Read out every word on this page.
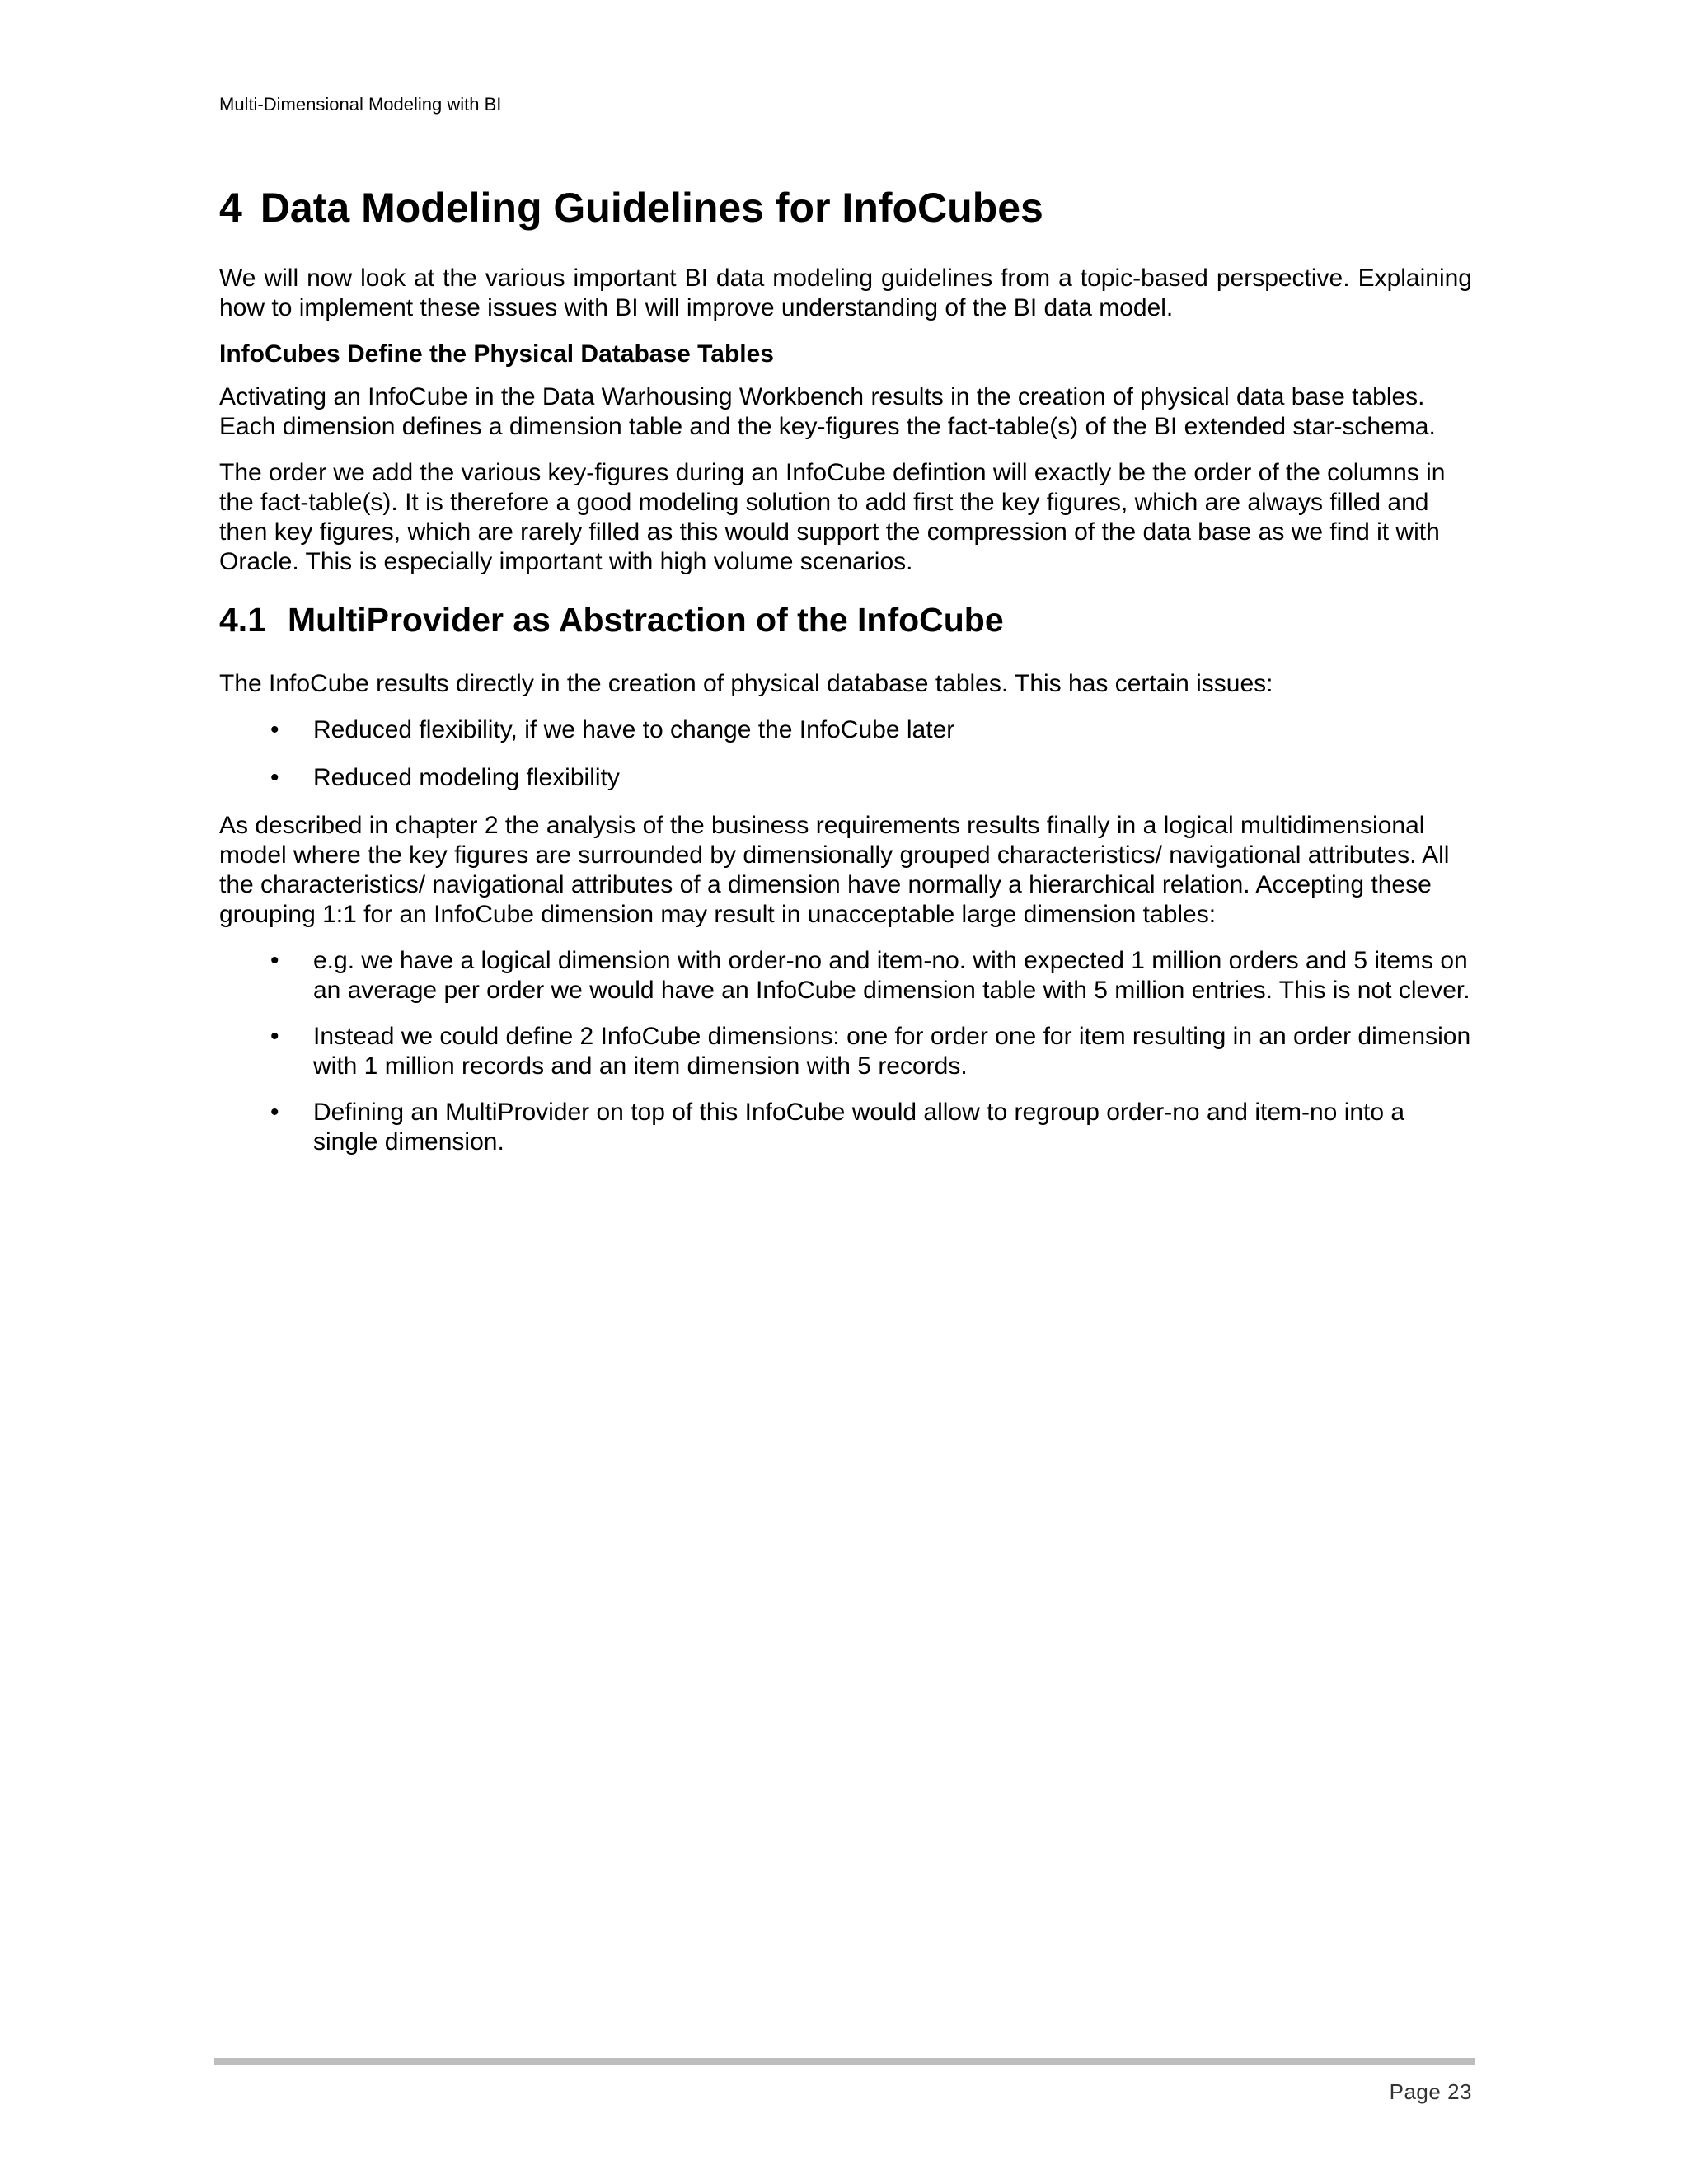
Multi-Dimensional Modeling with BI
4 Data Modeling Guidelines for InfoCubes

We will now look at the various important BI data modeling guidelines from a topic-based perspective. Explaining how to implement these issues with BI will improve understanding of the BI data model.

InfoCubes Define the Physical Database Tables

Activating an InfoCube in the Data Warhousing Workbench results in the creation of physical data base tables. Each dimension defines a dimension table and the key-figures the fact-table(s) of the BI extended star-schema.

The order we add the various key-figures during an InfoCube defintion will exactly be the order of the columns in the fact-table(s). It is therefore a good modeling solution to add first the key figures, which are always filled and then key figures, which are rarely filled as this would support the compression of the data base as we find it with Oracle. This is especially important with high volume scenarios.

4.1 MultiProvider as Abstraction of the InfoCube

The InfoCube results directly in the creation of physical database tables. This has certain issues:

• Reduced flexibility, if we have to change the InfoCube later
• Reduced modeling flexibility

As described in chapter 2 the analysis of the business requirements results finally in a logical multidimensional model where the key figures are surrounded by dimensionally grouped characteristics/ navigational attributes. All the characteristics/ navigational attributes of a dimension have normally a hierarchical relation. Accepting these grouping 1:1 for an InfoCube dimension may result in unacceptable large dimension tables:

• e.g. we have a logical dimension with order-no and item-no. with expected 1 million orders and 5 items on an average per order we would have an InfoCube dimension table with 5 million entries. This is not clever.
• Instead we could define 2 InfoCube dimensions: one for order one for item resulting in an order dimension with 1 million records and an item dimension with 5 records.
• Defining an MultiProvider on top of this InfoCube would allow to regroup order-no and item-no into a single dimension.
Page 23
